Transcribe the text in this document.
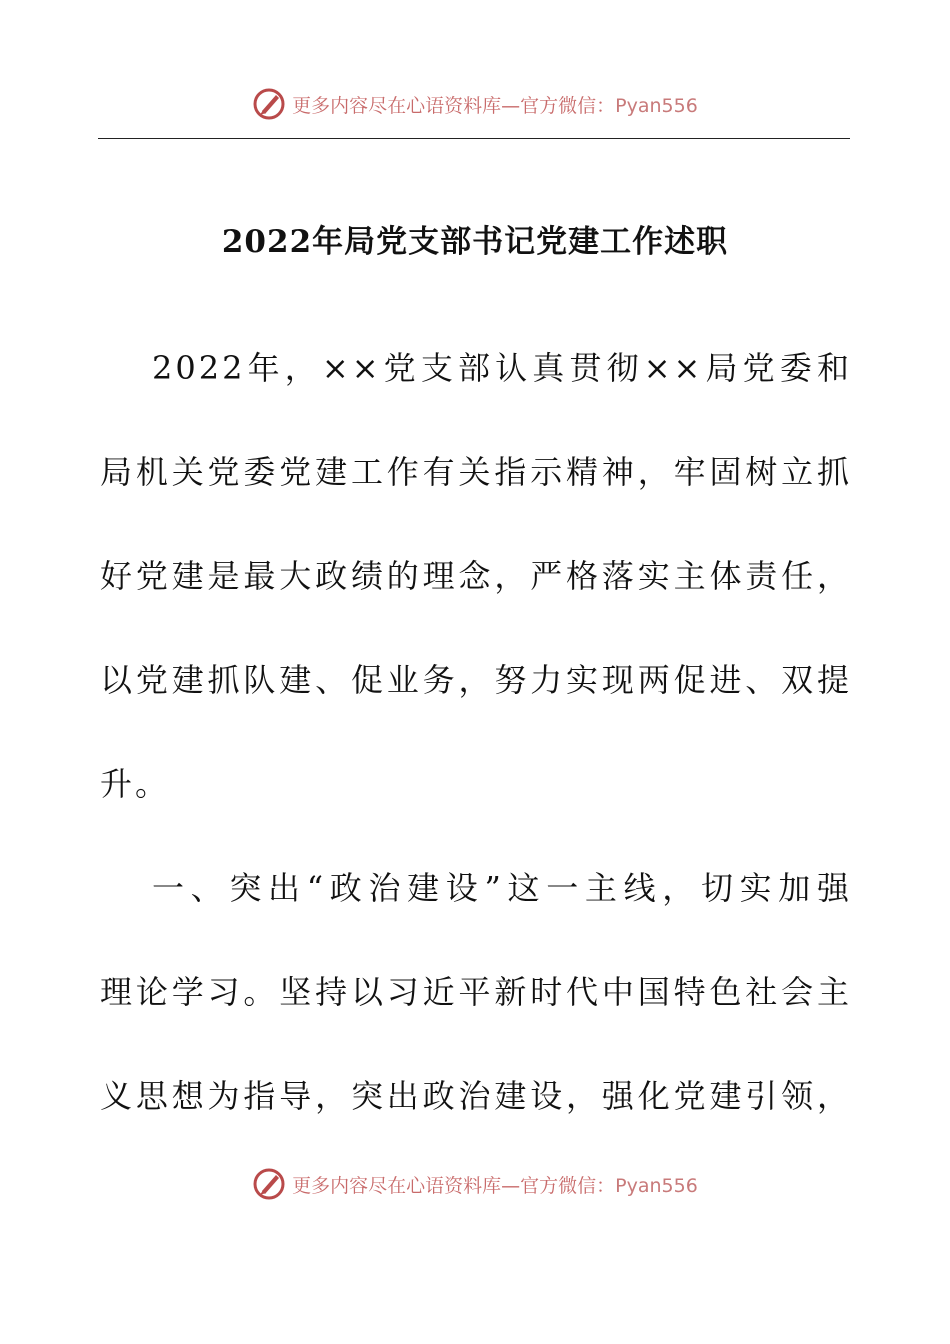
更多内容尽在心语资料库—官方微信：Pyan556
2022年局党支部书记党建工作述职
2022年，××党支部认真贯彻××局党委和
局机关党委党建工作有关指示精神，牢固树立抓
好党建是最大政绩的理念，严格落实主体责任，
以党建抓队建、促业务，努力实现两促进、双提
升。
一、突出“政治建设”这一主线，切实加强
理论学习。坚持以习近平新时代中国特色社会主
义思想为指导，突出政治建设，强化党建引领，
更多内容尽在心语资料库—官方微信：Pyan556
